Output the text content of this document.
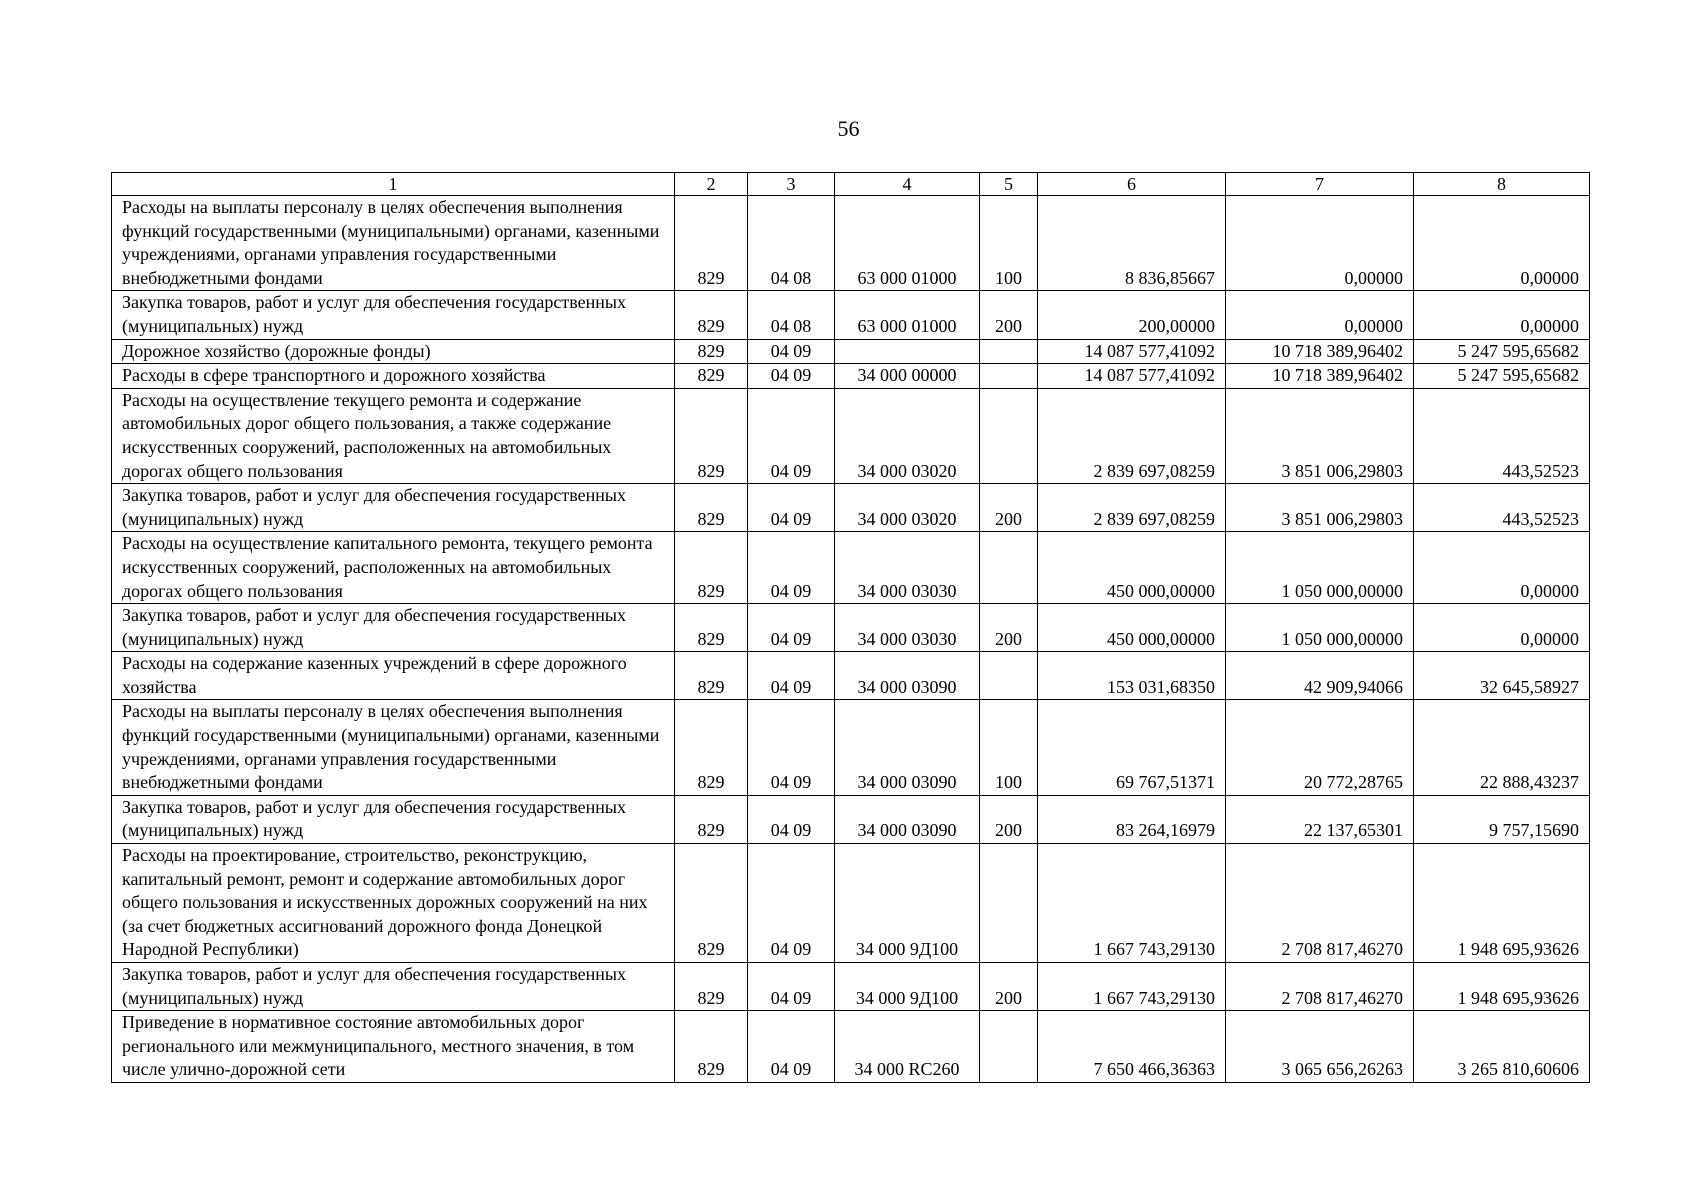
56
1	2	3	4	5	6	7	8
Расходы на выплаты персоналу в целях обеспечения выполнения функций государственными (муниципальными) органами, казенными учреждениями, органами управления государственными внебюджетными фондами	829	04 08	63 000 01000	100	8 836,85667	0,00000	0,00000
Закупка товаров, работ и услуг для обеспечения государственных (муниципальных) нужд	829	04 08	63 000 01000	200	200,00000	0,00000	0,00000
Дорожное хозяйство (дорожные фонды)	829	04 09			14 087 577,41092	10 718 389,96402	5 247 595,65682
Расходы в сфере транспортного и дорожного хозяйства	829	04 09	34 000 00000		14 087 577,41092	10 718 389,96402	5 247 595,65682
Расходы на осуществление текущего ремонта и содержание автомобильных дорог общего пользования, а также содержание искусственных сооружений, расположенных на автомобильных дорогах общего пользования	829	04 09	34 000 03020		2 839 697,08259	3 851 006,29803	443,52523
Закупка товаров, работ и услуг для обеспечения государственных (муниципальных) нужд	829	04 09	34 000 03020	200	2 839 697,08259	3 851 006,29803	443,52523
Расходы на осуществление капитального ремонта, текущего ремонта искусственных сооружений, расположенных на автомобильных дорогах общего пользования	829	04 09	34 000 03030		450 000,00000	1 050 000,00000	0,00000
Закупка товаров, работ и услуг для обеспечения государственных (муниципальных) нужд	829	04 09	34 000 03030	200	450 000,00000	1 050 000,00000	0,00000
Расходы на содержание казенных учреждений в сфере дорожного хозяйства	829	04 09	34 000 03090		153 031,68350	42 909,94066	32 645,58927
Расходы на выплаты персоналу в целях обеспечения выполнения функций государственными (муниципальными) органами, казенными учреждениями, органами управления государственными внебюджетными фондами	829	04 09	34 000 03090	100	69 767,51371	20 772,28765	22 888,43237
Закупка товаров, работ и услуг для обеспечения государственных (муниципальных) нужд	829	04 09	34 000 03090	200	83 264,16979	22 137,65301	9 757,15690
Расходы на проектирование, строительство, реконструкцию, капитальный ремонт, ремонт и содержание автомобильных дорог общего пользования и искусственных дорожных сооружений на них (за счет бюджетных ассигнований дорожного фонда Донецкой Народной Республики)	829	04 09	34 000 9Д100		1 667 743,29130	2 708 817,46270	1 948 695,93626
Закупка товаров, работ и услуг для обеспечения государственных (муниципальных) нужд	829	04 09	34 000 9Д100	200	1 667 743,29130	2 708 817,46270	1 948 695,93626
Приведение в нормативное состояние автомобильных дорог регионального или межмуниципального, местного значения, в том числе улично-дорожной сети	829	04 09	34 000 RC260		7 650 466,36363	3 065 656,26263	3 265 810,60606
